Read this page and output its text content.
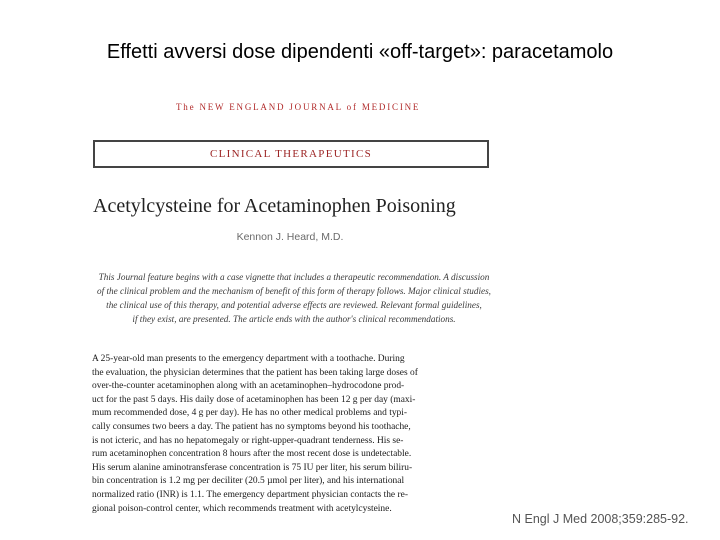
Effetti avversi dose dipendenti «off-target»: paracetamolo
The NEW ENGLAND JOURNAL of MEDICINE
CLINICAL THERAPEUTICS
Acetylcysteine for Acetaminophen Poisoning
Kennon J. Heard, M.D.
This Journal feature begins with a case vignette that includes a therapeutic recommendation. A discussion
of the clinical problem and the mechanism of benefit of this form of therapy follows. Major clinical studies,
the clinical use of this therapy, and potential adverse effects are reviewed. Relevant formal guidelines,
if they exist, are presented. The article ends with the author's clinical recommendations.
A 25-year-old man presents to the emergency department with a toothache. During
the evaluation, the physician determines that the patient has been taking large doses of
over-the-counter acetaminophen along with an acetaminophen–hydrocodone prod-
uct for the past 5 days. His daily dose of acetaminophen has been 12 g per day (maxi-
mum recommended dose, 4 g per day). He has no other medical problems and typi-
cally consumes two beers a day. The patient has no symptoms beyond his toothache,
is not icteric, and has no hepatomegaly or right-upper-quadrant tenderness. His se-
rum acetaminophen concentration 8 hours after the most recent dose is undetectable.
His serum alanine aminotransferase concentration is 75 IU per liter, his serum biliru-
bin concentration is 1.2 mg per deciliter (20.5 µmol per liter), and his international
normalized ratio (INR) is 1.1. The emergency department physician contacts the re-
gional poison-control center, which recommends treatment with acetylcysteine.
N Engl J Med 2008;359:285-92.
